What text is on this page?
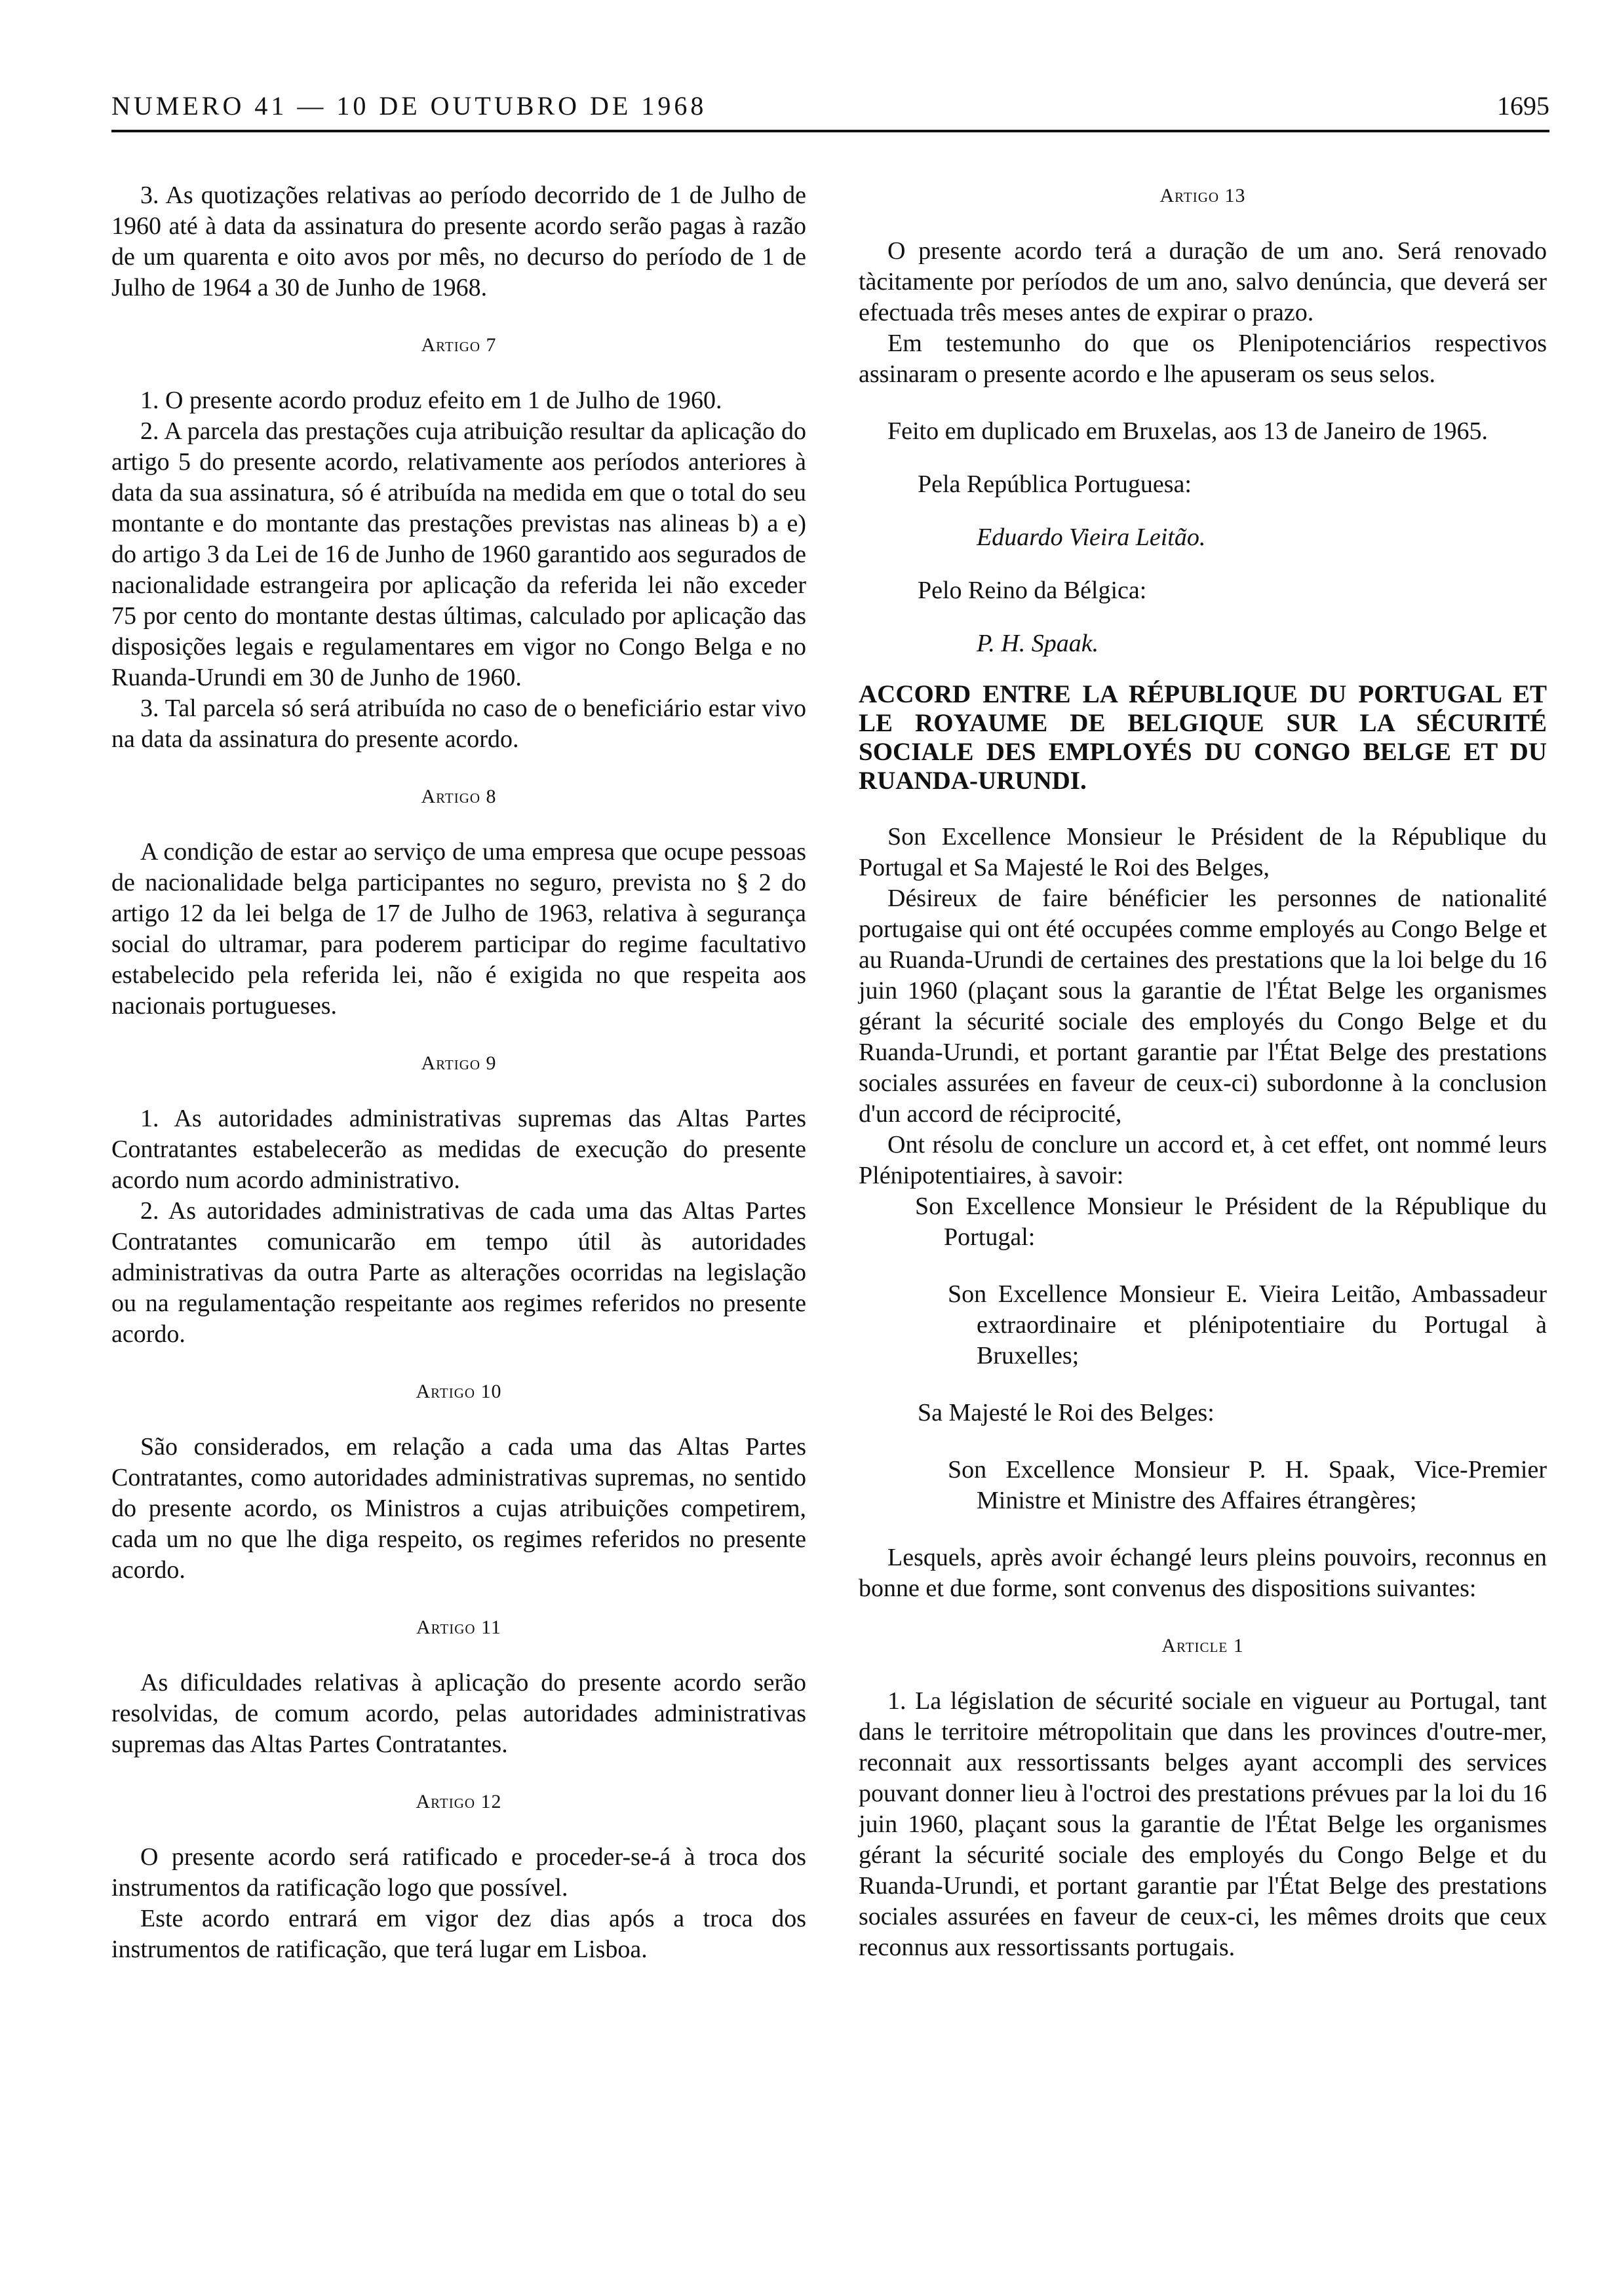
NUMERO 41 — 10 DE OUTUBRO DE 1968	1695

3. As quotizações relativas ao período decorrido de 1 de Julho de 1960 até à data da assinatura do presente acordo serão pagas à razão de um quarenta e oito avos por mês, no decurso do período de 1 de Julho de 1964 a 30 de Junho de 1968.

Artigo 7

1. O presente acordo produz efeito em 1 de Julho de 1960.

2. A parcela das prestações cuja atribuição resultar da aplicação do artigo 5 do presente acordo, relativamente aos períodos anteriores à data da sua assinatura, só é atribuída na medida em que o total do seu montante e do montante das prestações previstas nas alineas b) a e) do artigo 3 da Lei de 16 de Junho de 1960 garantido aos segurados de nacionalidade estrangeira por aplicação da referida lei não exceder 75 por cento do montante destas últimas, calculado por aplicação das disposições legais e regulamentares em vigor no Congo Belga e no Ruanda-Urundi em 30 de Junho de 1960.

3. Tal parcela só será atribuída no caso de o beneficiário estar vivo na data da assinatura do presente acordo.

Artigo 8

A condição de estar ao serviço de uma empresa que ocupe pessoas de nacionalidade belga participantes no seguro, prevista no § 2 do artigo 12 da lei belga de 17 de Julho de 1963, relativa à segurança social do ultramar, para poderem participar do regime facultativo estabelecido pela referida lei, não é exigida no que respeita aos nacionais portugueses.

Artigo 9

1. As autoridades administrativas supremas das Altas Partes Contratantes estabelecerão as medidas de execução do presente acordo num acordo administrativo.

2. As autoridades administrativas de cada uma das Altas Partes Contratantes comunicarão em tempo útil às autoridades administrativas da outra Parte as alterações ocorridas na legislação ou na regulamentação respeitante aos regimes referidos no presente acordo.

Artigo 10

São considerados, em relação a cada uma das Altas Partes Contratantes, como autoridades administrativas supremas, no sentido do presente acordo, os Ministros a cujas atribuições competirem, cada um no que lhe diga respeito, os regimes referidos no presente acordo.

Artigo 11

As dificuldades relativas à aplicação do presente acordo serão resolvidas, de comum acordo, pelas autoridades administrativas supremas das Altas Partes Contratantes.

Artigo 12

O presente acordo será ratificado e proceder-se-á à troca dos instrumentos da ratificação logo que possível.

Este acordo entrará em vigor dez dias após a troca dos instrumentos de ratificação, que terá lugar em Lisboa.

Artigo 13

O presente acordo terá a duração de um ano. Será renovado tàcitamente por períodos de um ano, salvo denúncia, que deverá ser efectuada três meses antes de expirar o prazo.

Em testemunho do que os Plenipotenciários respectivos assinaram o presente acordo e lhe apuseram os seus selos.

Feito em duplicado em Bruxelas, aos 13 de Janeiro de 1965.

Pela República Portuguesa:

Eduardo Vieira Leitão.

Pelo Reino da Bélgica:

P. H. Spaak.

ACCORD ENTRE LA RÉPUBLIQUE DU PORTUGAL ET LE ROYAUME DE BELGIQUE SUR LA SÉCURITÉ SOCIALE DES EMPLOYÉS DU CONGO BELGE ET DU RUANDA-URUNDI.

Son Excellence Monsieur le Président de la République du Portugal et Sa Majesté le Roi des Belges,

Désireux de faire bénéficier les personnes de nationalité portugaise qui ont été occupées comme employés au Congo Belge et au Ruanda-Urundi de certaines des prestations que la loi belge du 16 juin 1960 (plaçant sous la garantie de l'État Belge les organismes gérant la sécurité sociale des employés du Congo Belge et du Ruanda-Urundi, et portant garantie par l'État Belge des prestations sociales assurées en faveur de ceux-ci) subordonne à la conclusion d'un accord de réciprocité,

Ont résolu de conclure un accord et, à cet effet, ont nommé leurs Plénipotentiaires, à savoir:

Son Excellence Monsieur le Président de la République du Portugal:

Son Excellence Monsieur E. Vieira Leitão, Ambassadeur extraordinaire et plénipotentiaire du Portugal à Bruxelles;

Sa Majesté le Roi des Belges:

Son Excellence Monsieur P. H. Spaak, Vice-Premier Ministre et Ministre des Affaires étrangères;

Lesquels, après avoir échangé leurs pleins pouvoirs, reconnus en bonne et due forme, sont convenus des dispositions suivantes:

Article 1

1. La législation de sécurité sociale en vigueur au Portugal, tant dans le territoire métropolitain que dans les provinces d'outre-mer, reconnait aux ressortissants belges ayant accompli des services pouvant donner lieu à l'octroi des prestations prévues par la loi du 16 juin 1960, plaçant sous la garantie de l'État Belge les organismes gérant la sécurité sociale des employés du Congo Belge et du Ruanda-Urundi, et portant garantie par l'État Belge des prestations sociales assurées en faveur de ceux-ci, les mêmes droits que ceux reconnus aux ressortissants portugais.
